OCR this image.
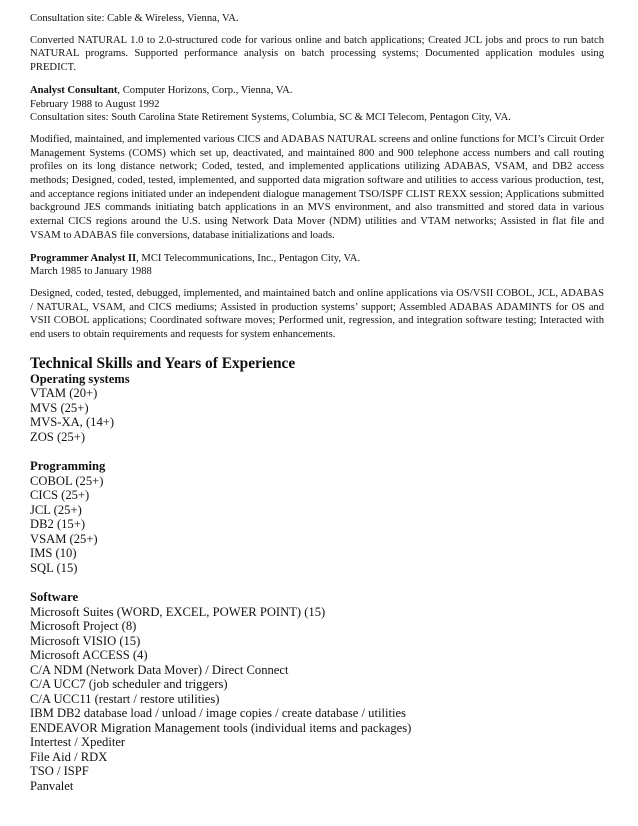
Consultation site: Cable & Wireless, Vienna, VA.

Converted NATURAL 1.0 to 2.0-structured code for various online and batch applications; Created JCL jobs and procs to run batch NATURAL programs. Supported performance analysis on batch processing systems; Documented application modules using PREDICT.

Analyst Consultant, Computer Horizons, Corp., Vienna, VA.

February 1988 to August 1992

Consultation sites: South Carolina State Retirement Systems, Columbia, SC & MCI Telecom, Pentagon City, VA.

Modified, maintained, and implemented various CICS and ADABAS NATURAL screens and online functions for MCI’s Circuit Order Management Systems (COMS) which set up, deactivated, and maintained 800 and 900 telephone access numbers and call routing profiles on its long distance network; Coded, tested, and implemented applications utilizing ADABAS, VSAM, and DB2 access methods; Designed, coded, tested, implemented, and supported data migration software and utilities to access various production, test, and acceptance regions initiated under an independent dialogue management TSO/ISPF CLIST REXX session; Applications submitted background JES commands initiating batch applications in an MVS environment, and also transmitted and stored data in various external CICS regions around the U.S. using Network Data Mover (NDM) utilities and VTAM networks; Assisted in flat file and VSAM to ADABAS file conversions, database initializations and loads.

Programmer Analyst II, MCI Telecommunications, Inc., Pentagon City, VA.

March 1985 to January 1988

Designed, coded, tested, debugged, implemented, and maintained batch and online applications via OS/VSII COBOL, JCL, ADABAS / NATURAL, VSAM, and CICS mediums; Assisted in production systems’ support; Assembled ADABAS ADAMINTS for OS and VSII COBOL applications; Coordinated software moves; Performed unit, regression, and integration software testing; Interacted with end users to obtain requirements and requests for system enhancements.

Technical Skills and Years of Experience

Operating systems

VTAM (20+)

MVS (25+)

MVS-XA, (14+)

ZOS (25+)

Programming

COBOL (25+)

CICS (25+)

JCL (25+)

DB2 (15+)

VSAM (25+)

IMS (10)

SQL (15)

Software

Microsoft Suites (WORD, EXCEL, POWER POINT) (15)

Microsoft Project (8)

Microsoft VISIO (15)

Microsoft ACCESS (4)

C/A NDM (Network Data Mover) / Direct Connect

C/A UCC7 (job scheduler and triggers)

C/A UCC11 (restart / restore utilities)

IBM DB2 database load / unload / image copies / create database / utilities

ENDEAVOR Migration Management tools (individual items and packages)

Intertest / Xpediter

File Aid / RDX

TSO / ISPF

Panvalet
